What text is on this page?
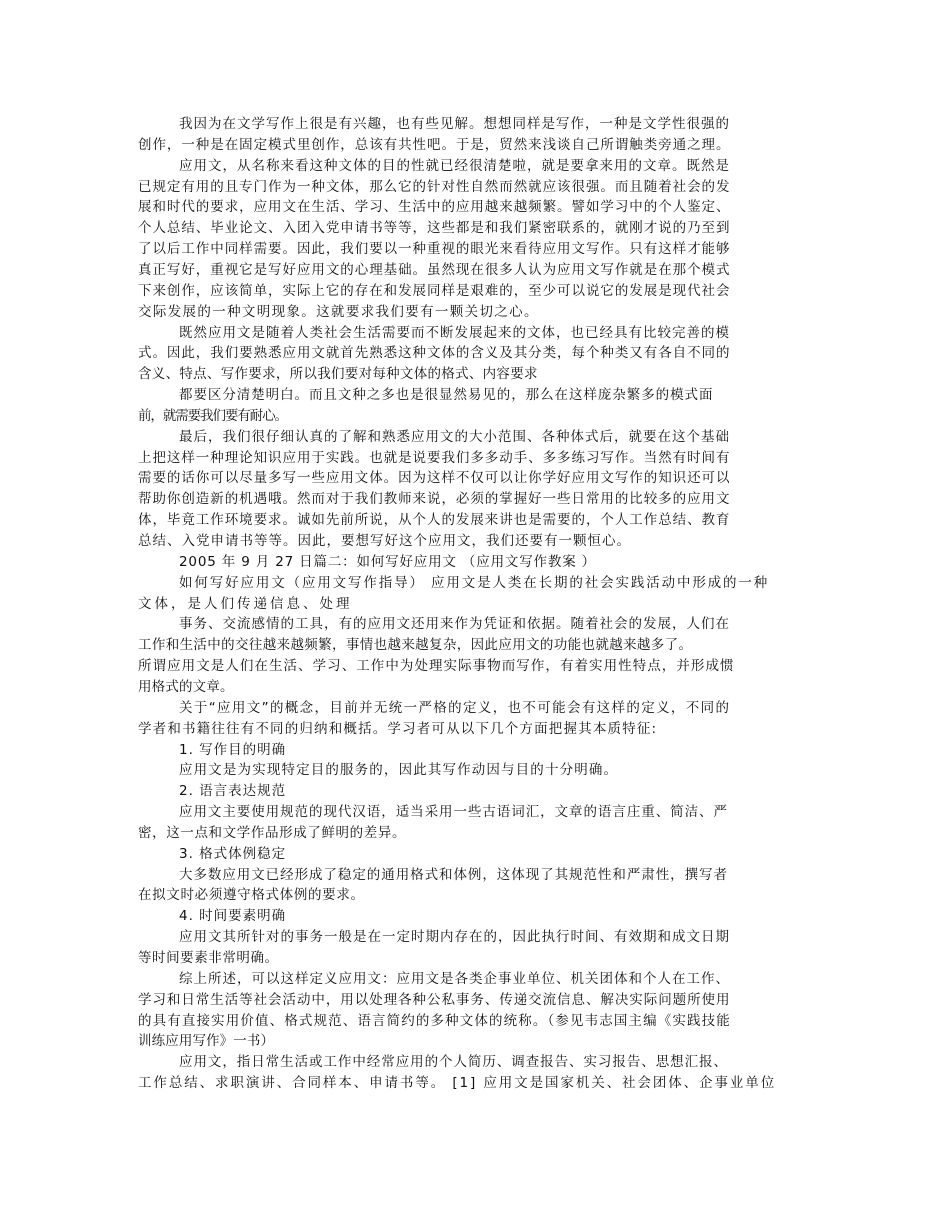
我因为在文学写作上很是有兴趣，也有些见解。想想同样是写作，一种是文学性很强的
创作，一种是在固定模式里创作，总该有共性吧。于是，贸然来浅谈自己所谓触类旁通之理。
应用文，从名称来看这种文体的目的性就已经很清楚啦，就是要拿来用的文章。既然是
已规定有用的且专门作为一种文体，那么它的针对性自然而然就应该很强。而且随着社会的发
展和时代的要求，应用文在生活、学习、生活中的应用越来越频繁。譬如学习中的个人鉴定、
个人总结、毕业论文、入团入党申请书等等，这些都是和我们紧密联系的，就刚才说的乃至到
了以后工作中同样需要。因此，我们要以一种重视的眼光来看待应用文写作。只有这样才能够
真正写好，重视它是写好应用文的心理基础。虽然现在很多人认为应用文写作就是在那个模式
下来创作，应该简单，实际上它的存在和发展同样是艰难的，至少可以说它的发展是现代社会
交际发展的一种文明现象。这就要求我们要有一颗关切之心。
既然应用文是随着人类社会生活需要而不断发展起来的文体，也已经具有比较完善的模
式。因此，我们要熟悉应用文就首先熟悉这种文体的含义及其分类，每个种类又有各自不同的
含义、特点、写作要求，所以我们要对每种文体的格式、内容要求
都要区分清楚明白。而且文种之多也是很显然易见的，那么在这样庞杂繁多的模式面
前，就需要我们要有耐心。
最后，我们很仔细认真的了解和熟悉应用文的大小范围、各种体式后，就要在这个基础
上把这样一种理论知识应用于实践。也就是说要我们多多动手、多多练习写作。当然有时间有
需要的话你可以尽量多写一些应用文体。因为这样不仅可以让你学好应用文写作的知识还可以
帮助你创造新的机遇哦。然而对于我们教师来说，必须的掌握好一些日常用的比较多的应用文
体，毕竟工作环境要求。诚如先前所说，从个人的发展来讲也是需要的，个人工作总结、教育
总结、入党申请书等等。因此，要想写好这个应用文，我们还要有一颗恒心。
2005 年 9 月 27 日篇二：如何写好应用文 （应用文写作教案 ）
如何写好应用文（应用文写作指导） 应用文是人类在长期的社会实践活动中形成的一种
文体，是人们传递信息、处理
事务、交流感情的工具，有的应用文还用来作为凭证和依据。随着社会的发展，人们在
工作和生活中的交往越来越频繁，事情也越来越复杂，因此应用文的功能也就越来越多了。
所谓应用文是人们在生活、学习、工作中为处理实际事物而写作，有着实用性特点，并形成惯
用格式的文章。
关于“应用文”的概念，目前并无统一严格的定义，也不可能会有这样的定义，不同的
学者和书籍往往有不同的归纳和概括。学习者可从以下几个方面把握其本质特征:
1. 写作目的明确
应用文是为实现特定目的服务的，因此其写作动因与目的十分明确。
2. 语言表达规范
应用文主要使用规范的现代汉语，适当采用一些古语词汇，文章的语言庄重、简洁、严
密，这一点和文学作品形成了鲜明的差异。
3. 格式体例稳定
大多数应用文已经形成了稳定的通用格式和体例，这体现了其规范性和严肃性，撰写者
在拟文时必须遵守格式体例的要求。
4. 时间要素明确
应用文其所针对的事务一般是在一定时期内存在的，因此执行时间、有效期和成文日期
等时间要素非常明确。
综上所述，可以这样定义应用文：应用文是各类企事业单位、机关团体和个人在工作、
学习和日常生活等社会活动中，用以处理各种公私事务、传递交流信息、解决实际问题所使用
的具有直接实用价值、格式规范、语言简约的多种文体的统称。（参见韦志国主编《实践技能
训练应用写作》一书）
应用文，指日常生活或工作中经常应用的个人简历、调查报告、实习报告、思想汇报、
工作总结、求职演讲、合同样本、申请书等。 [1] 应用文是国家机关、社会团体、企事业单位
